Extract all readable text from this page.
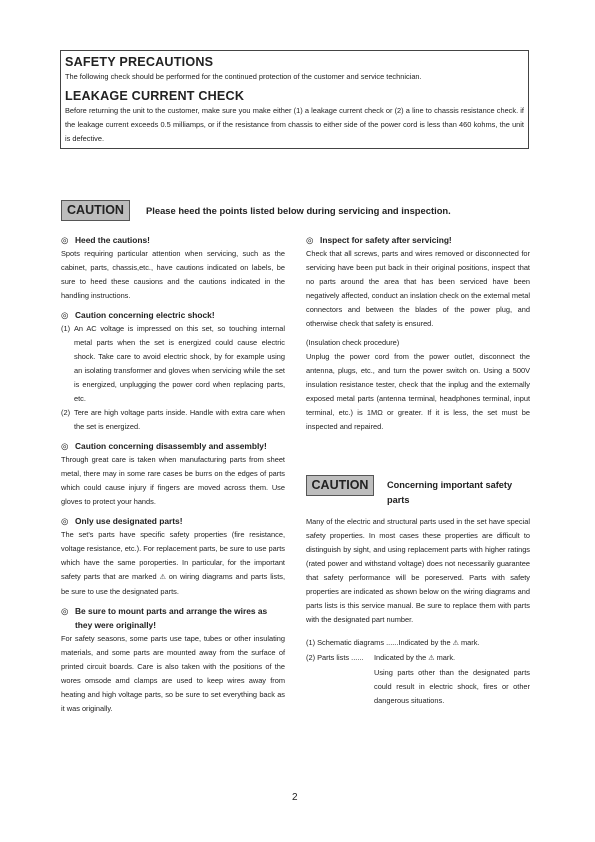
SAFETY PRECAUTIONS

The following check should be performed for the continued protection of the customer and service technician.

LEAKAGE CURRENT CHECK

Before returning the unit to the customer, make sure you make either (1) a leakage current check or (2) a line to chassis resistance check. if the leakage current exceeds 0.5 milliamps, or if the resistance from chassis to either side of the power cord is less than 460 kohms, the unit is defective.

CAUTION	Please heed the points listed below during servicing and inspection.

◎ Heed the cautions!

Spots requiring particular attention when servicing, such as the cabinet, parts, chassis,etc., have cautions indicated on labels, be sure to heed these causions and the cautions indicated in the handling instructions.

◎ Caution concerning electric shock!

(1) An AC voltage is impressed on this set, so touching internal metal parts when the set is energized could cause electric shock. Take care to avoid electric shock, by for example using an isolating transformer and gloves when servicing while the set is energized, unplugging the power cord when replacing parts, etc.
(2) Tere are high voltage parts inside. Handle with extra care when the set is energized.

◎ Caution concerning disassembly and assembly!

Through great care is taken when manufacturing parts from sheet metal, there may in some rare cases be burrs on the edges of parts which could cause injury if fingers are moved across them. Use gloves to protect your hands.

◎ Only use designated parts!

The set's parts have specific safety properties (fire resistance, voltage resistance, etc.). For replacement parts, be sure to use parts which have the same poroperties. In particular, for the important safety parts that are marked ⚠ on wiring diagrams and parts lists, be sure to use the designated parts.

◎ Be sure to mount parts and arrange the wires as they were originally!

For safety seasons, some parts use tape, tubes or other insulating materials, and some parts are mounted away from the surface of printed circuit boards. Care is also taken with the positions of the wores omsode amd clamps are used to keep wires away from heating and high voltage parts, so be sure to set everything back as it was originally.

◎ Inspect for safety after servicing!

Check that all screws, parts and wires removed or disconnected for servicing have been put back in their original positions, inspect that no parts around the area that has been serviced have been negatively affected, conduct an inslation check on the external metal connectors and between the blades of the power plug, and otherwise check that safety is ensured.

(Insulation check procedure)

Unplug the power cord from the power outlet, disconnect the antenna, plugs, etc., and turn the power switch on. Using a 500V insulation resistance tester, check that the inplug and the externally exposed metal parts (antenna terminal, headphones terminal, input terminal, etc.) is 1MΩ or greater. If it is less, the set must be inspected and repaired.

CAUTION	Concerning important safety parts

Many of the electric and structural parts used in the set have special safety properties. In most cases these properties are difficult to distinguish by sight, and using replacement parts with higher ratings (rated power and withstand voltage) does not necessarily guarantee that safety performance will be poreserved. Parts with safety properties are indicated as shown below on the wiring diagrams and parts lists is this service manual. Be sure to replace them with parts with the designated part number.

(1) Schematic diagrams ......Indicated by the ⚠ mark.

(2) Parts lists ......	Indicated by the ⚠ mark.
Using parts other than the designated parts could result in electric shock, fires or other dangerous situations.
2
